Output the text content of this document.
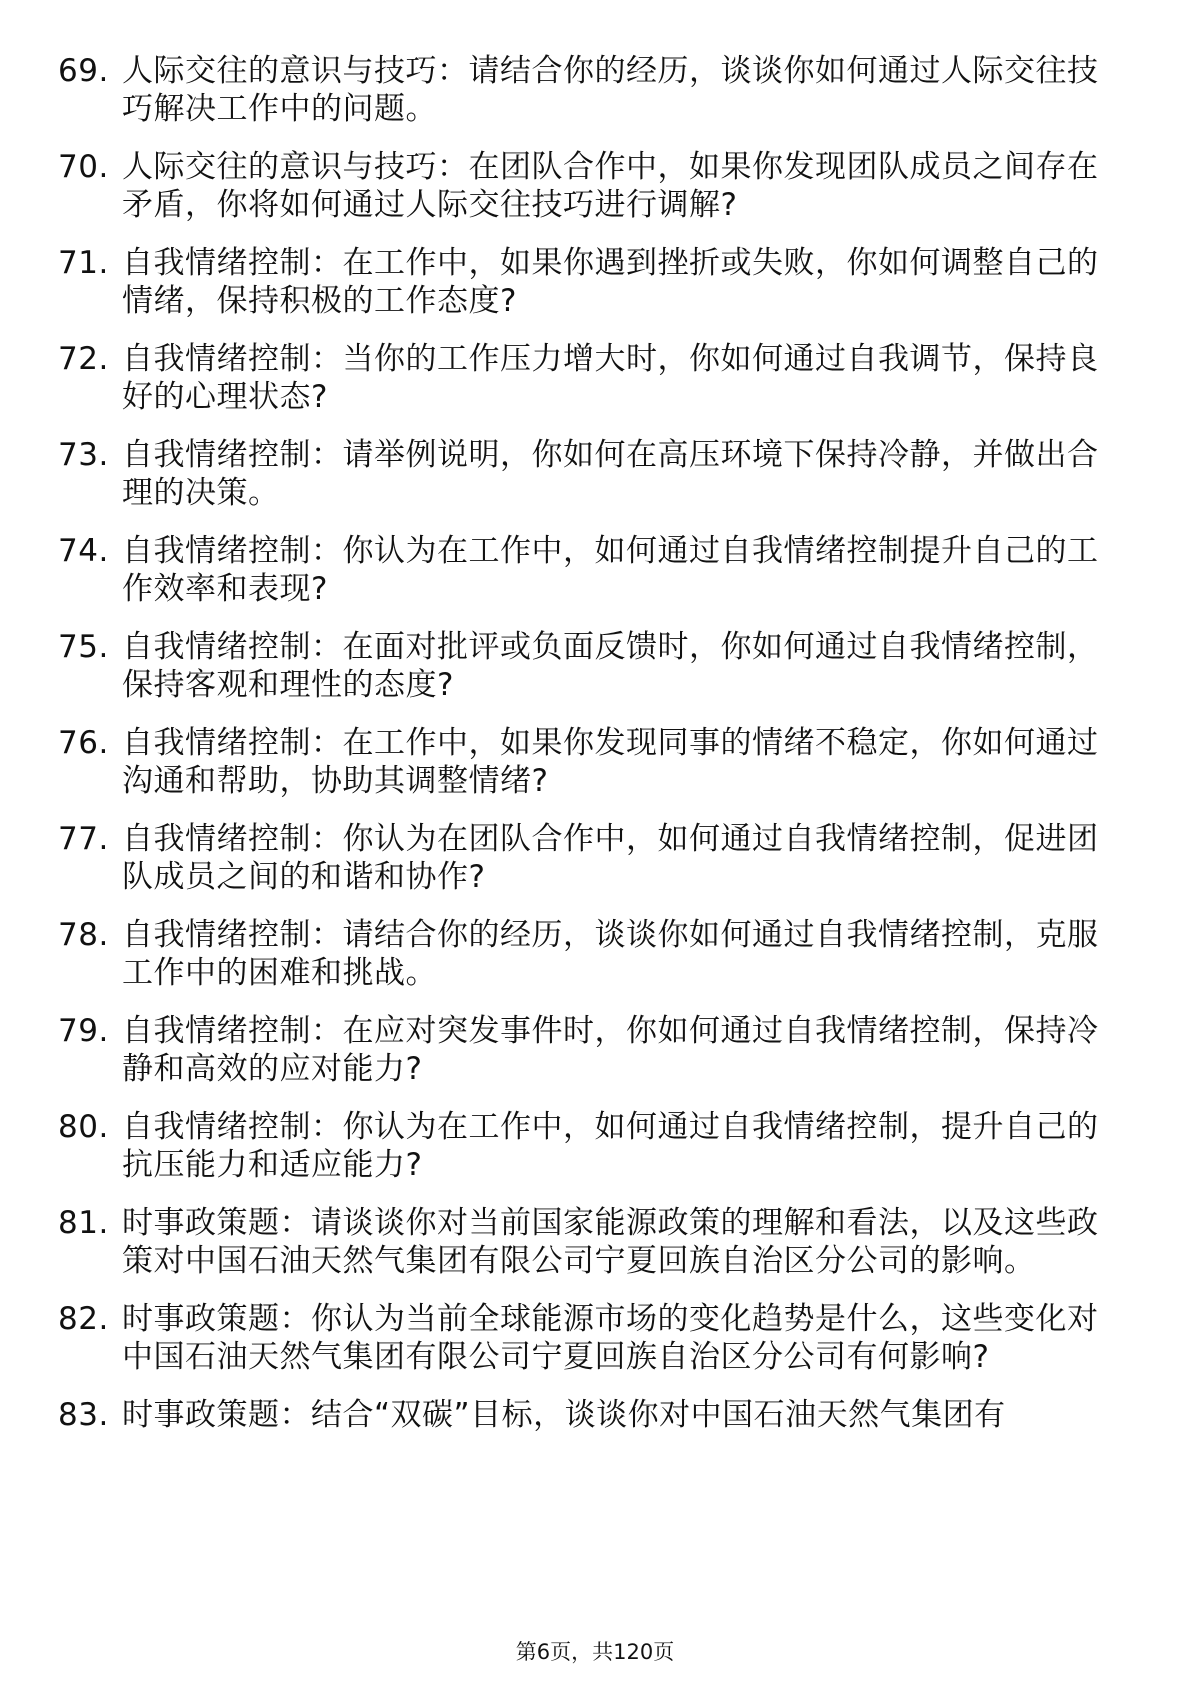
69. 人际交往的意识与技巧：请结合你的经历，谈谈你如何通过人际交往技巧解决工作中的问题。
70. 人际交往的意识与技巧：在团队合作中，如果你发现团队成员之间存在矛盾，你将如何通过人际交往技巧进行调解?
71. 自我情绪控制：在工作中，如果你遇到挫折或失败，你如何调整自己的情绪，保持积极的工作态度?
72. 自我情绪控制：当你的工作压力增大时，你如何通过自我调节，保持良好的心理状态?
73. 自我情绪控制：请举例说明，你如何在高压环境下保持冷静，并做出合理的决策。
74. 自我情绪控制：你认为在工作中，如何通过自我情绪控制提升自己的工作效率和表现?
75. 自我情绪控制：在面对批评或负面反馈时，你如何通过自我情绪控制，保持客观和理性的态度?
76. 自我情绪控制：在工作中，如果你发现同事的情绪不稳定，你如何通过沟通和帮助，协助其调整情绪?
77. 自我情绪控制：你认为在团队合作中，如何通过自我情绪控制，促进团队成员之间的和谐和协作?
78. 自我情绪控制：请结合你的经历，谈谈你如何通过自我情绪控制，克服工作中的困难和挑战。
79. 自我情绪控制：在应对突发事件时，你如何通过自我情绪控制，保持冷静和高效的应对能力?
80. 自我情绪控制：你认为在工作中，如何通过自我情绪控制，提升自己的抗压能力和适应能力?
81. 时事政策题：请谈谈你对当前国家能源政策的理解和看法，以及这些政策对中国石油天然气集团有限公司宁夏回族自治区分公司的影响。
82. 时事政策题：你认为当前全球能源市场的变化趋势是什么，这些变化对中国石油天然气集团有限公司宁夏回族自治区分公司有何影响?
83. 时事政策题：结合“双碳”目标，谈谈你对中国石油天然气集团有
第6页，共120页
